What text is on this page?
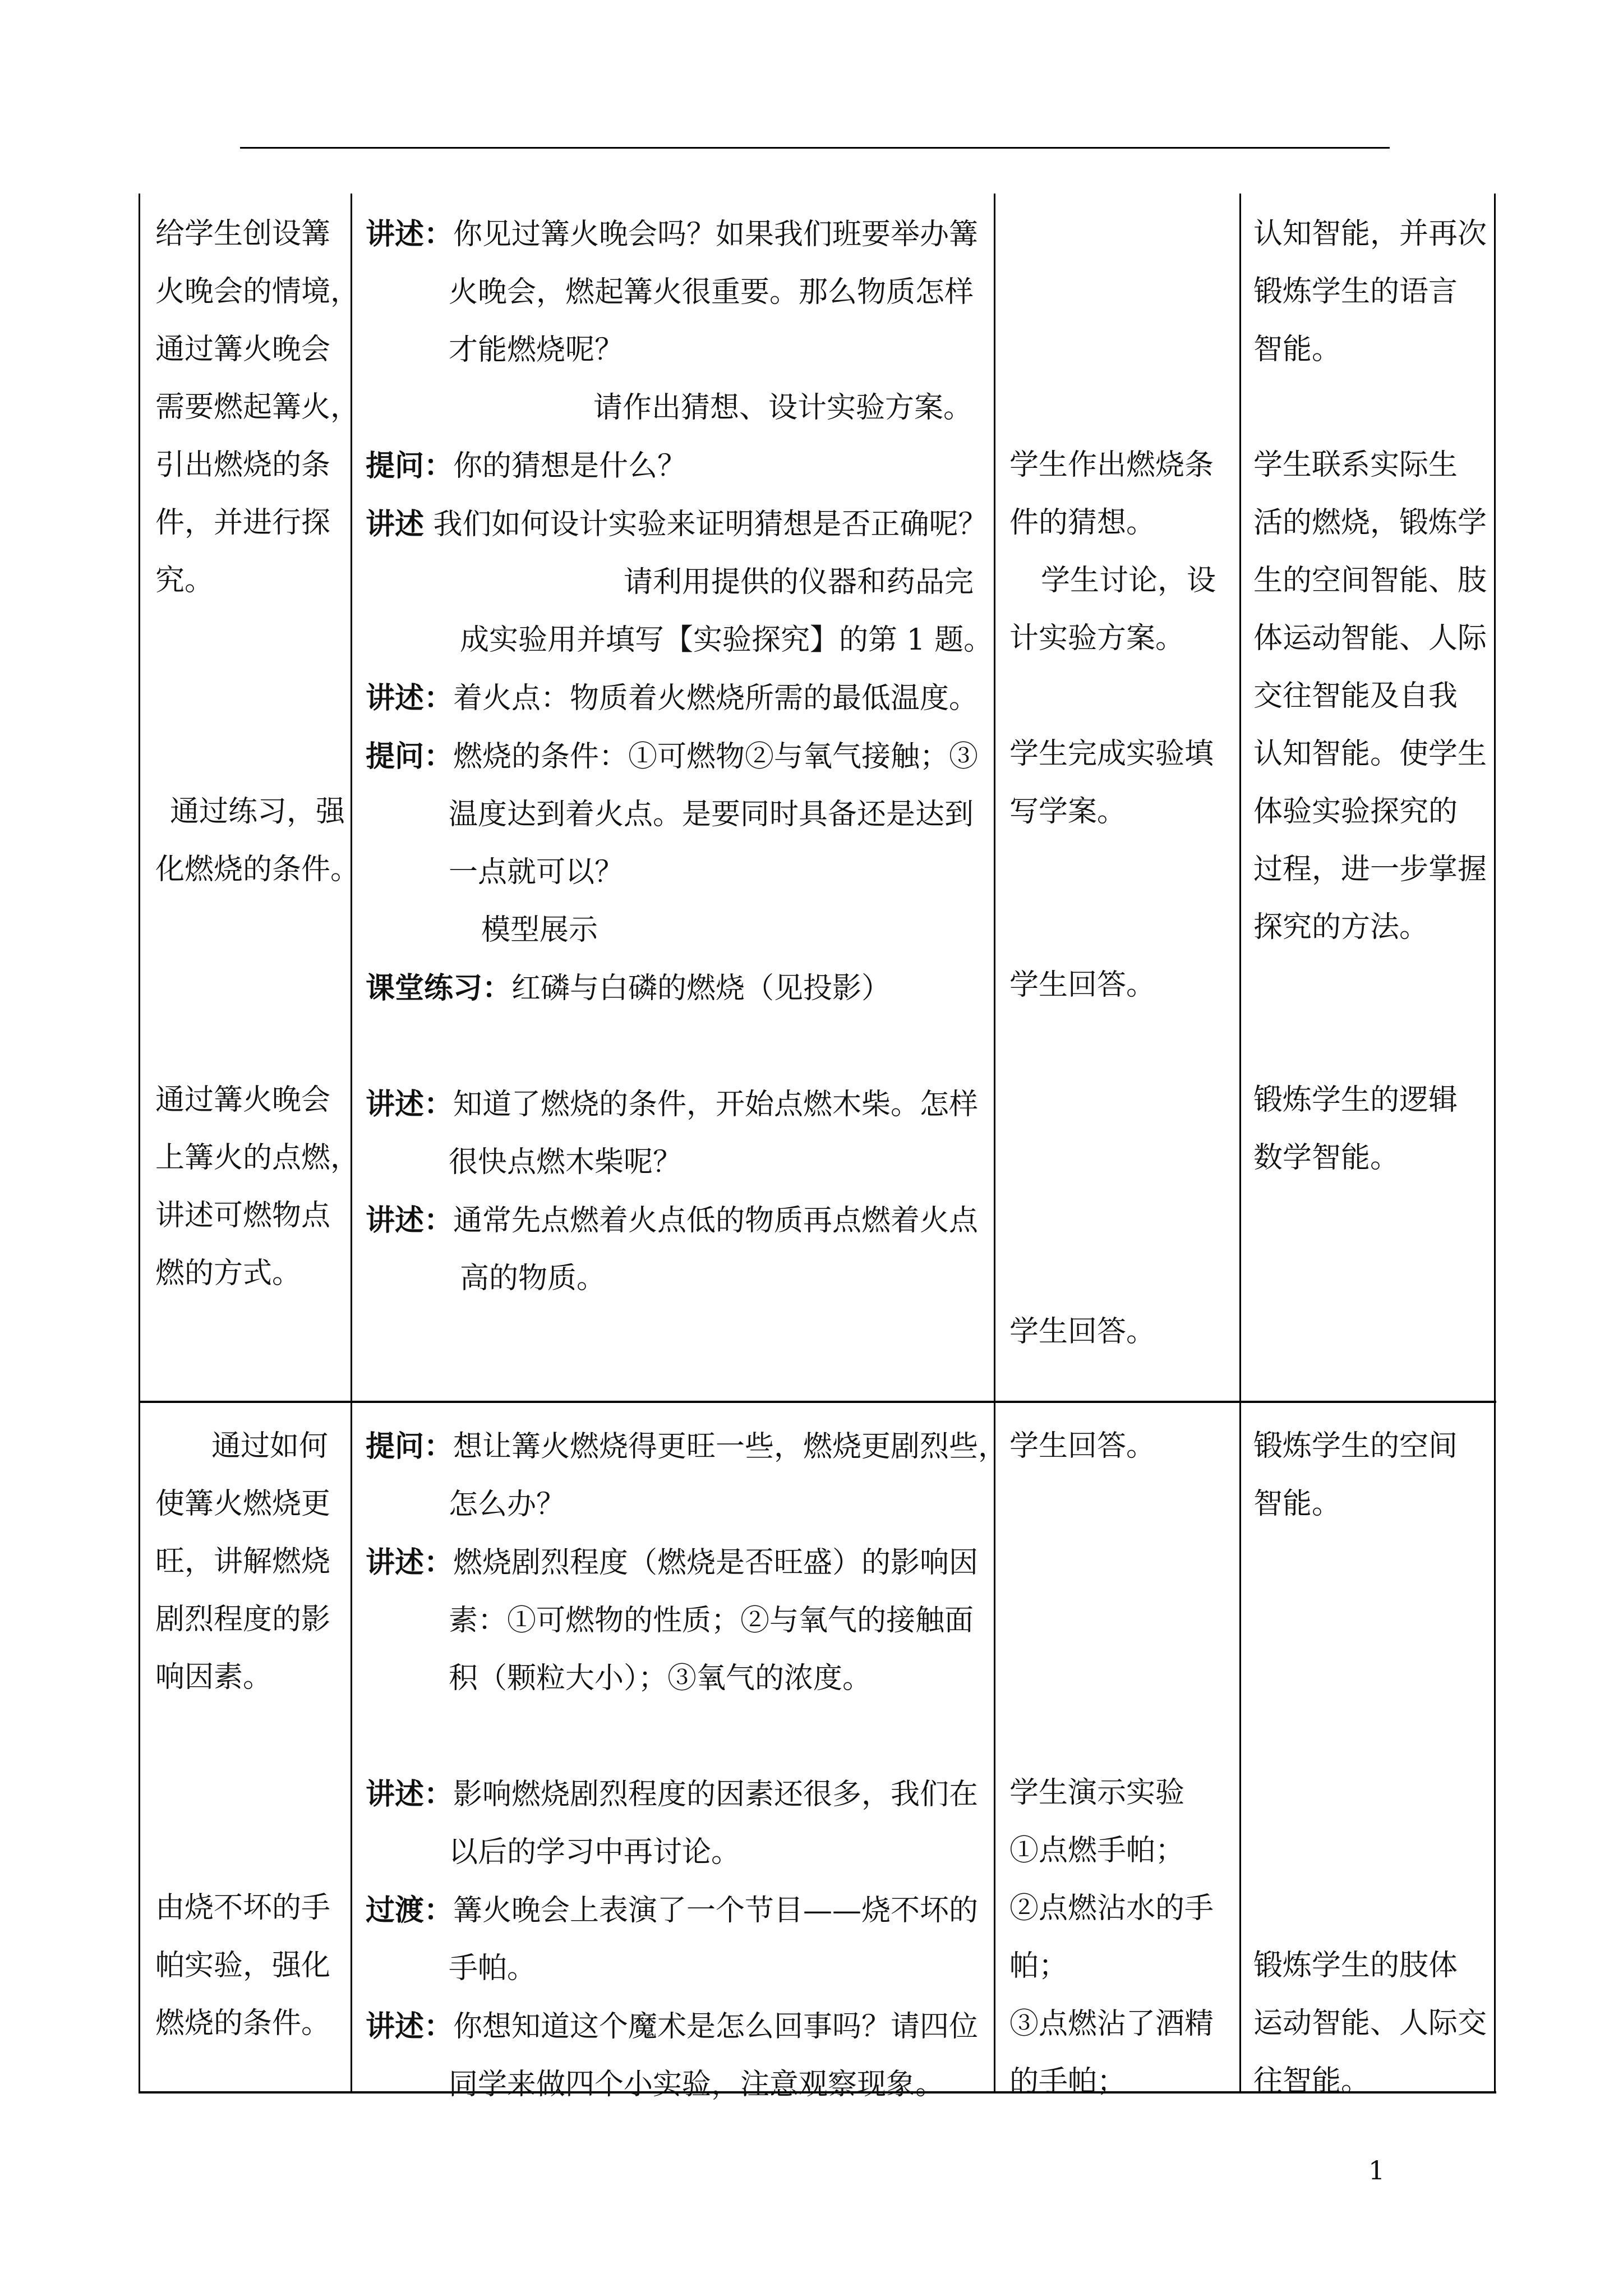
给学生创设篝

火晚会的情境，

通过篝火晚会

需要燃起篝火，

引出燃烧的条

件，并进行探

究。

通过练习，强

化燃烧的条件。

通过篝火晚会

上篝火的点燃，

讲述可燃物点

燃的方式。

讲述：你见过篝火晚会吗？如果我们班要举办篝

火晚会，燃起篝火很重要。那么物质怎样

才能燃烧呢？

请作出猜想、设计实验方案。

提问：你的猜想是什么？

讲述 我们如何设计实验来证明猜想是否正确呢？

请利用提供的仪器和药品完

成实验用并填写【实验探究】的第 1 题。

讲述：着火点：物质着火燃烧所需的最低温度。

提问：燃烧的条件：①可燃物②与氧气接触；③

温度达到着火点。是要同时具备还是达到

一点就可以？

模型展示

课堂练习：红磷与白磷的燃烧（见投影）

讲述：知道了燃烧的条件，开始点燃木柴。怎样

很快点燃木柴呢？

讲述：通常先点燃着火点低的物质再点燃着火点

高的物质。

学生作出燃烧条

件的猜想。

学生讨论，设

计实验方案。

学生完成实验填

写学案。

学生回答。

学生回答。

认知智能，并再次

锻炼学生的语言

智能。

学生联系实际生

活的燃烧，锻炼学

生的空间智能、肢

体运动智能、人际

交往智能及自我

认知智能。使学生

体验实验探究的

过程，进一步掌握

探究的方法。

锻炼学生的逻辑

数学智能。

通过如何

使篝火燃烧更

旺，讲解燃烧

剧烈程度的影

响因素。

由烧不坏的手

帕实验，强化

燃烧的条件。

提问：想让篝火燃烧得更旺一些，燃烧更剧烈些，

怎么办？

讲述：燃烧剧烈程度（燃烧是否旺盛）的影响因

素：①可燃物的性质；②与氧气的接触面

积（颗粒大小）；③氧气的浓度。

讲述：影响燃烧剧烈程度的因素还很多，我们在

以后的学习中再讨论。

过渡：篝火晚会上表演了一个节目——烧不坏的

手帕。

讲述：你想知道这个魔术是怎么回事吗？请四位

同学来做四个小实验，注意观察现象。

学生回答。

学生演示实验

①点燃手帕；

②点燃沾水的手

帕；

③点燃沾了酒精

的手帕；

锻炼学生的空间

智能。

锻炼学生的肢体

运动智能、人际交

往智能。

1
